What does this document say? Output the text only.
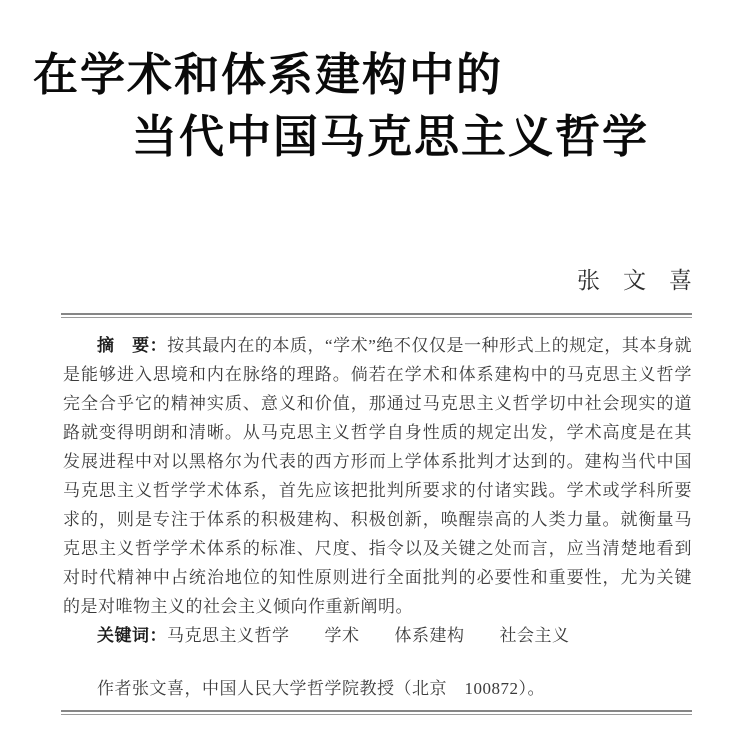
在学术和体系建构中的
当代中国马克思主义哲学
张　文　喜

摘　要：按其最内在的本质，“学术”绝不仅仅是一种形式上的规定，其本身就是能够进入思境和内在脉络的理路。倘若在学术和体系建构中的马克思主义哲学完全合乎它的精神实质、意义和价值，那通过马克思主义哲学切中社会现实的道路就变得明朗和清晰。从马克思主义哲学自身性质的规定出发，学术高度是在其发展进程中对以黑格尔为代表的西方形而上学体系批判才达到的。建构当代中国马克思主义哲学学术体系，首先应该把批判所要求的付诸实践。学术或学科所要求的，则是专注于体系的积极建构、积极创新，唤醒崇高的人类力量。就衡量马克思主义哲学学术体系的标准、尺度、指令以及关键之处而言，应当清楚地看到对时代精神中占统治地位的知性原则进行全面批判的必要性和重要性，尤为关键的是对唯物主义的社会主义倾向作重新阐明。

关键词：马克思主义哲学　　学术　　体系建构　　社会主义

作者张文喜，中国人民大学哲学院教授（北京　100872）。
